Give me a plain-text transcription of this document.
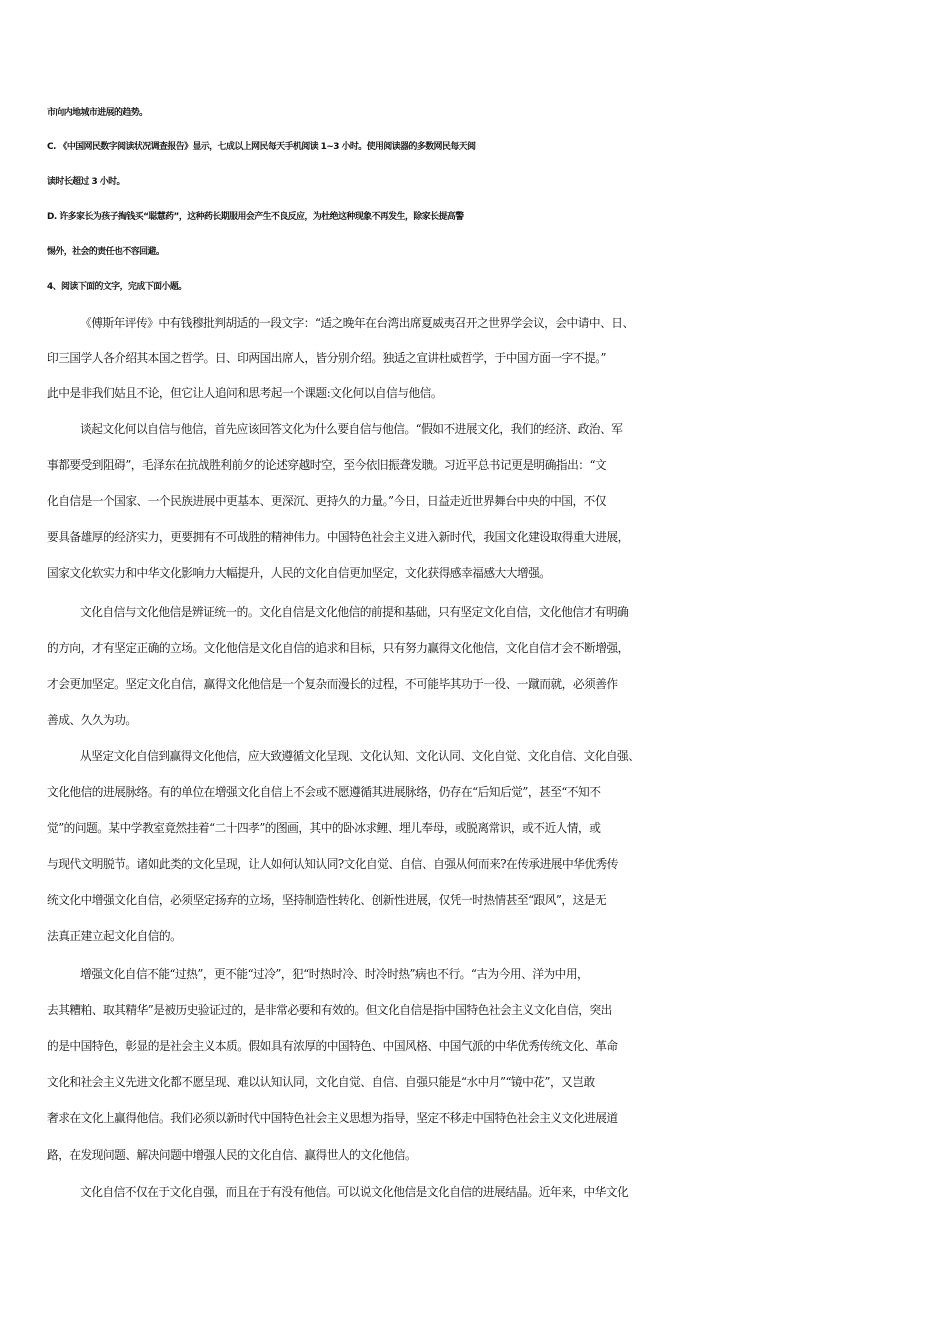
市向内地城市进展的趋势。
C. 《中国网民数字阅读状况调查报告》显示，七成以上网民每天手机阅读 1~3 小时。使用阅读器的多数网民每天阅
读时长超过 3 小时。
D. 许多家长为孩子掏钱买“聪慧药”，这种药长期服用会产生不良反应，为杜绝这种现象不再发生，除家长提高警
惕外，社会的责任也不容回避。
4、阅读下面的文字，完成下面小题。
《傅斯年评传》中有钱穆批判胡适的一段文字：“适之晚年在台湾出席夏威夷召开之世界学会议，会中请中、日、
印三国学人各介绍其本国之哲学。日、印两国出席人，皆分别介绍。独适之宣讲杜威哲学，于中国方面一字不提。”
此中是非我们姑且不论，但它让人追问和思考起一个课题:文化何以自信与他信。
谈起文化何以自信与他信，首先应该回答文化为什么要自信与他信。“假如不进展文化，我们的经济、政治、军
事都要受到阻碍”，毛泽东在抗战胜利前夕的论述穿越时空，至今依旧振聋发聩。习近平总书记更是明确指出：“文
化自信是一个国家、一个民族进展中更基本、更深沉、更持久的力量。”今日，日益走近世界舞台中央的中国，不仅
要具备雄厚的经济实力，更要拥有不可战胜的精神伟力。中国特色社会主义进入新时代，我国文化建设取得重大进展，
国家文化软实力和中华文化影响力大幅提升，人民的文化自信更加坚定，文化获得感幸福感大大增强。
文化自信与文化他信是辨证统一的。文化自信是文化他信的前提和基础，只有坚定文化自信，文化他信才有明确
的方向，才有坚定正确的立场。文化他信是文化自信的追求和目标，只有努力赢得文化他信，文化自信才会不断增强，
才会更加坚定。坚定文化自信，赢得文化他信是一个复杂而漫长的过程，不可能毕其功于一役、一蹴而就，必须善作
善成、久久为功。
从坚定文化自信到赢得文化他信，应大致遵循文化呈现、文化认知、文化认同、文化自觉、文化自信、文化自强、
文化他信的进展脉络。有的单位在增强文化自信上不会或不愿遵循其进展脉络，仍存在“后知后觉”，甚至“不知不
觉”的问题。某中学教室竟然挂着“二十四孝”的图画，其中的卧冰求鲤、埋儿奉母，或脱离常识，或不近人情，或
与现代文明脱节。诸如此类的文化呈现，让人如何认知认同?文化自觉、自信、自强从何而来?在传承进展中华优秀传
统文化中增强文化自信，必须坚定扬弃的立场，坚持制造性转化、创新性进展，仅凭一时热情甚至“跟风”，这是无
法真正建立起文化自信的。
增强文化自信不能“过热”，更不能“过冷”，犯“时热时冷、时冷时热”病也不行。“古为今用、洋为中用，
去其糟粕、取其精华”是被历史验证过的，是非常必要和有效的。但文化自信是指中国特色社会主义文化自信，突出
的是中国特色，彰显的是社会主义本质。假如具有浓厚的中国特色、中国风格、中国气派的中华优秀传统文化、革命
文化和社会主义先进文化都不愿呈现、难以认知认同，文化自觉、自信、自强只能是“水中月”“镜中花”，又岂敢
奢求在文化上赢得他信。我们必须以新时代中国特色社会主义思想为指导，坚定不移走中国特色社会主义文化进展道
路，在发现问题、解决问题中增强人民的文化自信、赢得世人的文化他信。
文化自信不仅在于文化自强，而且在于有没有他信。可以说文化他信是文化自信的进展结晶。近年来，中华文化
